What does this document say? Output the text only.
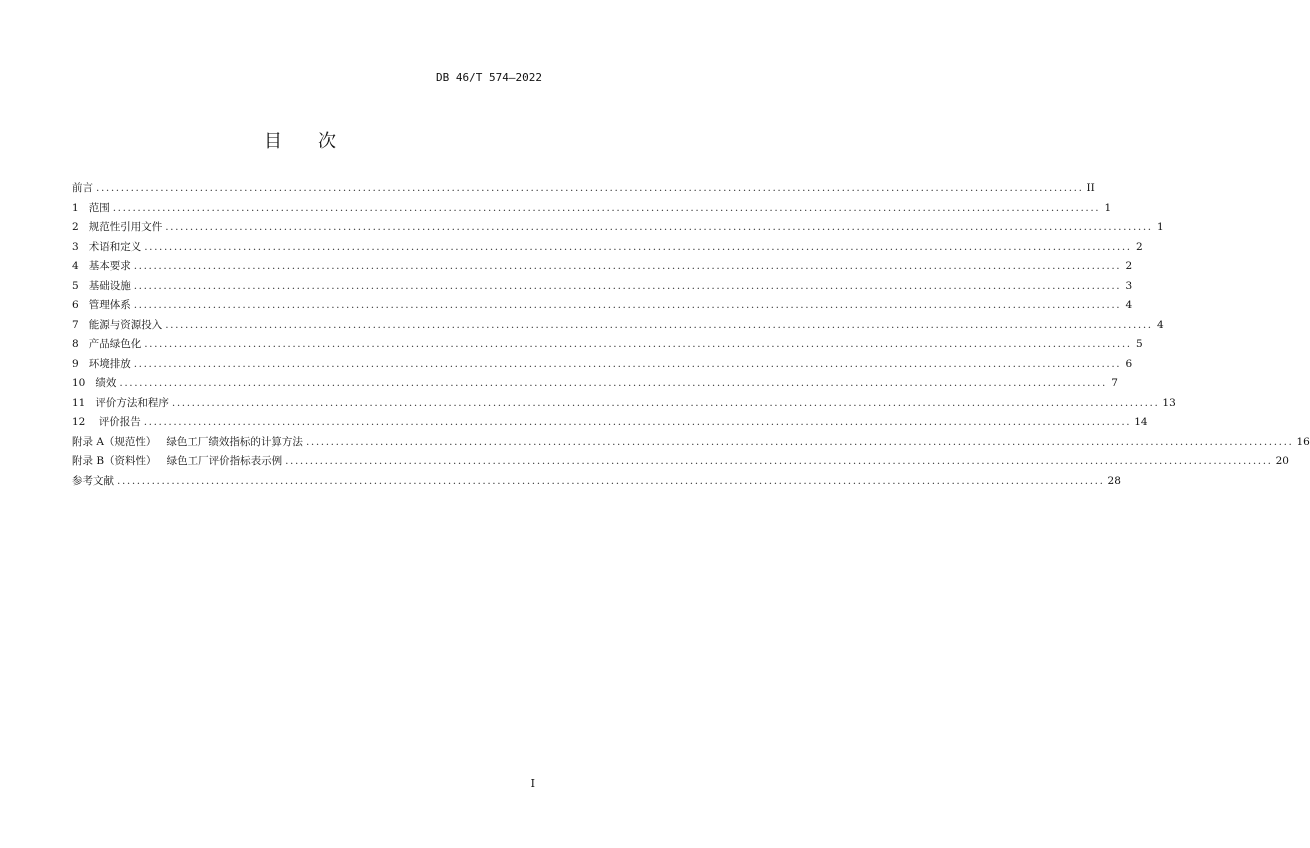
DB 46/T 574—2022
目 次
前言 ........................................................................................................................................................................................................ II
1   范围 ........................................................................................................................................................................................................ 1
2   规范性引用文件 ........................................................................................................................................................................................................ 1
3   术语和定义 ........................................................................................................................................................................................................ 2
4   基本要求 ........................................................................................................................................................................................................ 2
5   基础设施 ........................................................................................................................................................................................................ 3
6   管理体系 ........................................................................................................................................................................................................ 4
7   能源与资源投入 ........................................................................................................................................................................................................ 4
8   产品绿色化 ........................................................................................................................................................................................................ 5
9   环境排放 ........................................................................................................................................................................................................ 6
10   绩效 ........................................................................................................................................................................................................ 7
11   评价方法和程序 ........................................................................................................................................................................................................ 13
12    评价报告 ........................................................................................................................................................................................................ 14
附录 A（规范性）   绿色工厂绩效指标的计算方法 ........................................................................................................................................................................................................ 16
附录 B（资料性）   绿色工厂评价指标表示例 ........................................................................................................................................................................................................ 20
参考文献 ........................................................................................................................................................................................................ 28
I
